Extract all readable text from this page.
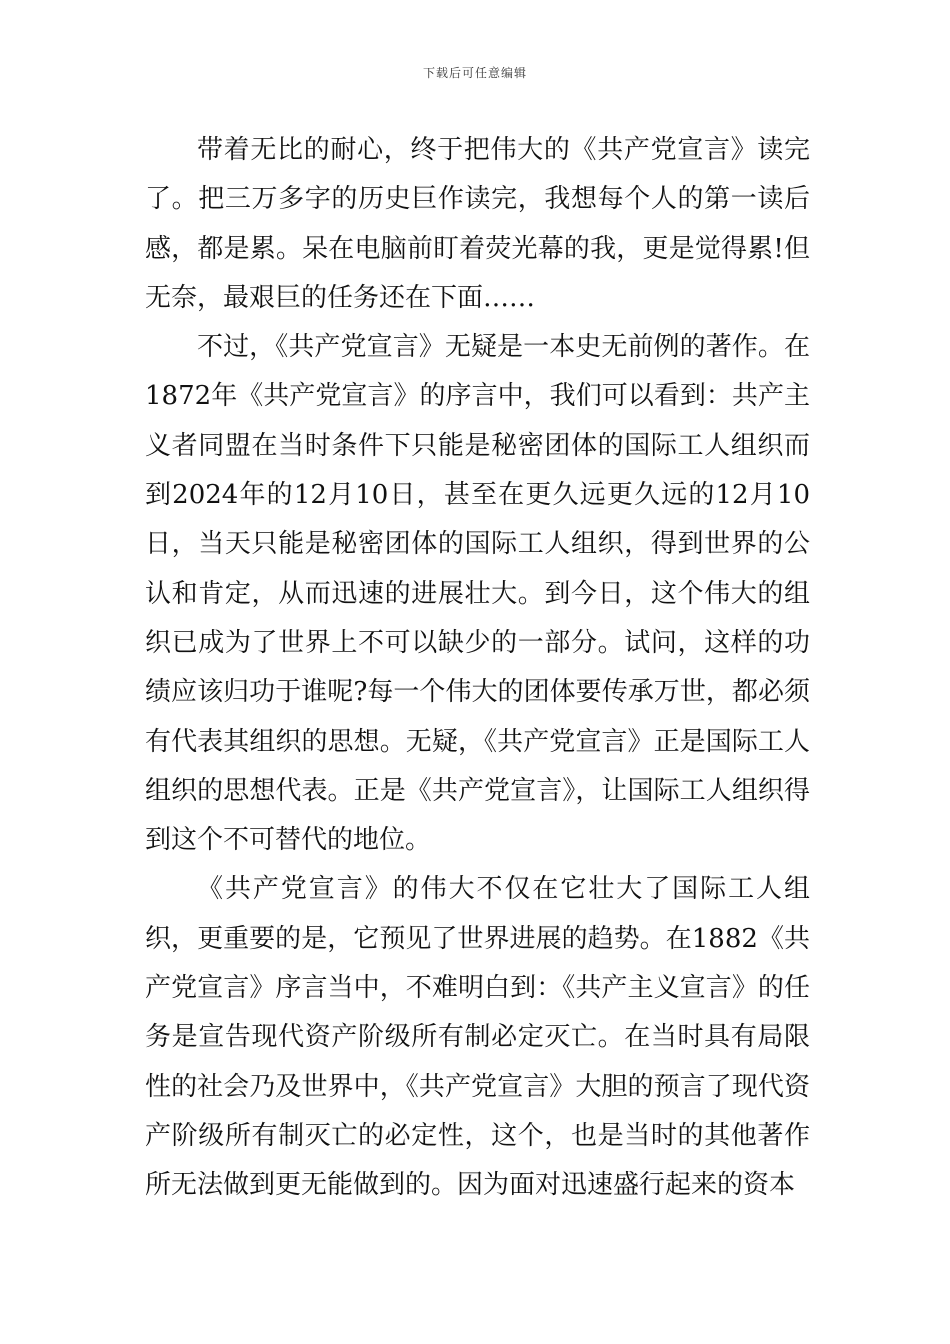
下载后可任意编辑

带着无比的耐心，终于把伟大的《共产党宣言》读完了。把三万多字的历史巨作读完，我想每个人的第一读后感，都是累。呆在电脑前盯着荧光幕的我，更是觉得累!但无奈，最艰巨的任务还在下面……

不过，《共产党宣言》无疑是一本史无前例的著作。在1872年《共产党宣言》的序言中，我们可以看到：共产主义者同盟在当时条件下只能是秘密团体的国际工人组织而到2024年的12月10日，甚至在更久远更久远的12月10日，当天只能是秘密团体的国际工人组织，得到世界的公认和肯定，从而迅速的进展壮大。到今日，这个伟大的组织已成为了世界上不可以缺少的一部分。试问，这样的功绩应该归功于谁呢?每一个伟大的团体要传承万世，都必须有代表其组织的思想。无疑，《共产党宣言》正是国际工人组织的思想代表。正是《共产党宣言》，让国际工人组织得到这个不可替代的地位。

《共产党宣言》的伟大不仅在它壮大了国际工人组织，更重要的是，它预见了世界进展的趋势。在1882《共产党宣言》序言当中，不难明白到：《共产主义宣言》的任务是宣告现代资产阶级所有制必定灭亡。在当时具有局限性的社会乃及世界中，《共产党宣言》大胆的预言了现代资产阶级所有制灭亡的必定性，这个，也是当时的其他著作所无法做到更无能做到的。因为面对迅速盛行起来的资本
